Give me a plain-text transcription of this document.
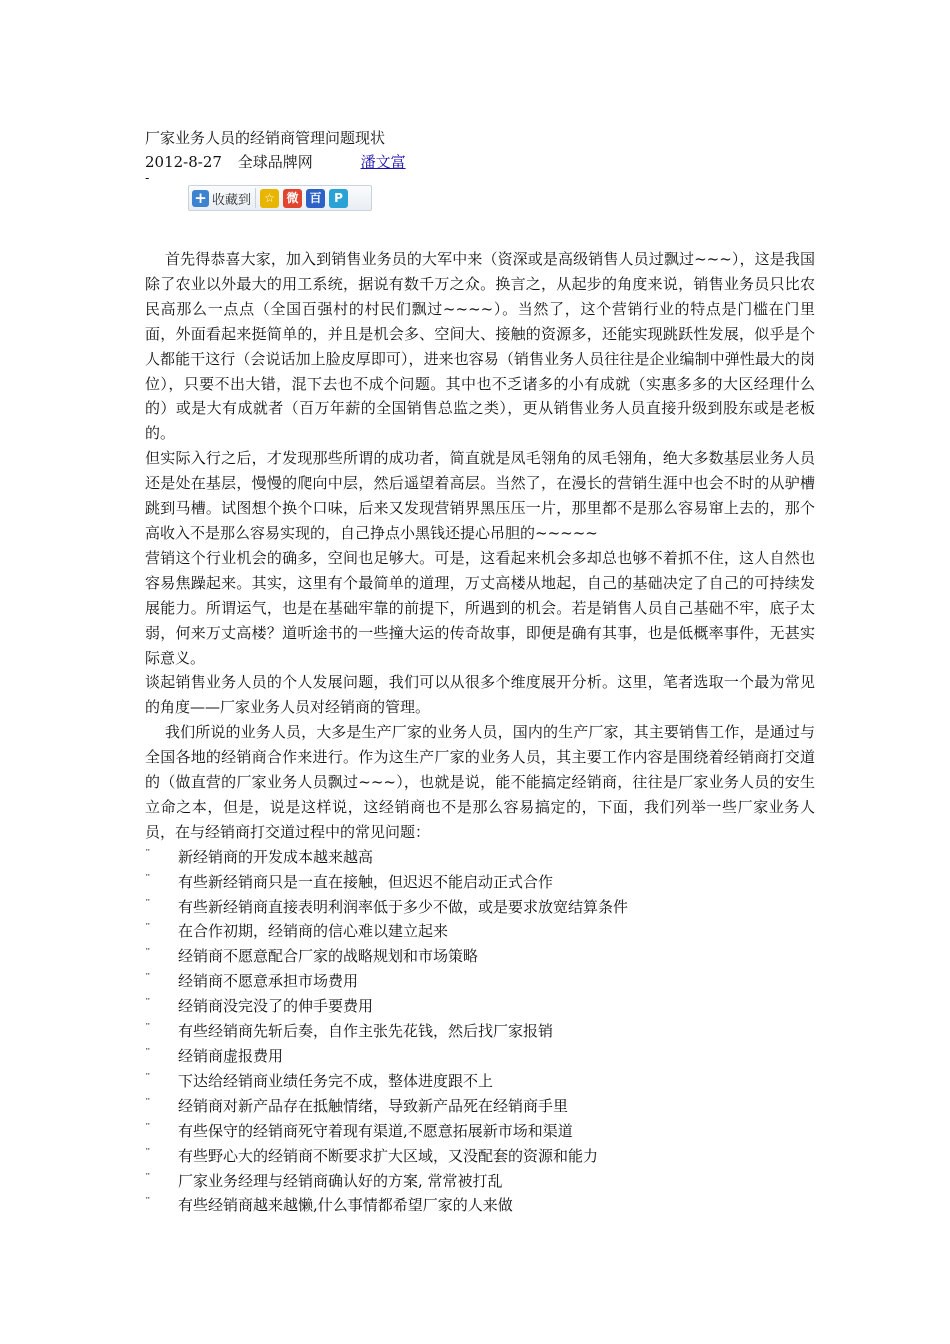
厂家业务人员的经销商管理问题现状
2012-8-27 全球品牌网	潘文富
-
+ 收藏到	☆ 微 百	P

首先得恭喜大家，加入到销售业务员的大军中来（资深或是高级销售人员过飘过~~~），这是我国除了农业以外最大的用工系统，据说有数千万之众。换言之，从起步的角度来说，销售业务员只比农民高那么一点点（全国百强村的村民们飘过~~~~）。当然了，这个营销行业的特点是门槛在门里面，外面看起来挺简单的，并且是机会多、空间大、接触的资源多，还能实现跳跃性发展，似乎是个人都能干这行（会说话加上脸皮厚即可），进来也容易（销售业务人员往往是企业编制中弹性最大的岗位），只要不出大错，混下去也不成个问题。其中也不乏诸多的小有成就（实惠多多的大区经理什么的）或是大有成就者（百万年薪的全国销售总监之类），更从销售业务人员直接升级到股东或是老板的。

但实际入行之后，才发现那些所谓的成功者，简直就是凤毛翎角的凤毛翎角，绝大多数基层业务人员还是处在基层，慢慢的爬向中层，然后遥望着高层。当然了，在漫长的营销生涯中也会不时的从驴槽跳到马槽。试图想个换个口味，后来又发现营销界黑压压一片，那里都不是那么容易窜上去的，那个高收入不是那么容易实现的，自己挣点小黑钱还提心吊胆的~~~~~

营销这个行业机会的确多，空间也足够大。可是，这看起来机会多却总也够不着抓不住，这人自然也容易焦躁起来。其实，这里有个最简单的道理，万丈高楼从地起，自己的基础决定了自己的可持续发展能力。所谓运气，也是在基础牢靠的前提下，所遇到的机会。若是销售人员自己基础不牢，底子太弱，何来万丈高楼？道听途书的一些撞大运的传奇故事，即便是确有其事，也是低概率事件，无甚实际意义。

谈起销售业务人员的个人发展问题，我们可以从很多个维度展开分析。这里，笔者选取一个最为常见的角度——厂家业务人员对经销商的管理。

我们所说的业务人员，大多是生产厂家的业务人员，国内的生产厂家，其主要销售工作，是通过与全国各地的经销商合作来进行。作为这生产厂家的业务人员，其主要工作内容是围绕着经销商打交道的（做直营的厂家业务人员飘过~~~），也就是说，能不能搞定经销商，往往是厂家业务人员的安生立命之本，但是，说是这样说，这经销商也不是那么容易搞定的，下面，我们列举一些厂家业务人员，在与经销商打交道过程中的常见问题：

¨	新经销商的开发成本越来越高
¨	有些新经销商只是一直在接触，但迟迟不能启动正式合作
¨	有些新经销商直接表明利润率低于多少不做，或是要求放宽结算条件
¨	在合作初期，经销商的信心难以建立起来
¨	经销商不愿意配合厂家的战略规划和市场策略
¨	经销商不愿意承担市场费用
¨	经销商没完没了的伸手要费用
¨	有些经销商先斩后奏，自作主张先花钱，然后找厂家报销
¨	经销商虚报费用
¨	下达给经销商业绩任务完不成，整体进度跟不上
¨	经销商对新产品存在抵触情绪，导致新产品死在经销商手里
¨	有些保守的经销商死守着现有渠道,不愿意拓展新市场和渠道
¨	有些野心大的经销商不断要求扩大区域，又没配套的资源和能力
¨	厂家业务经理与经销商确认好的方案, 常常被打乱
¨	有些经销商越来越懒,什么事情都希望厂家的人来做
